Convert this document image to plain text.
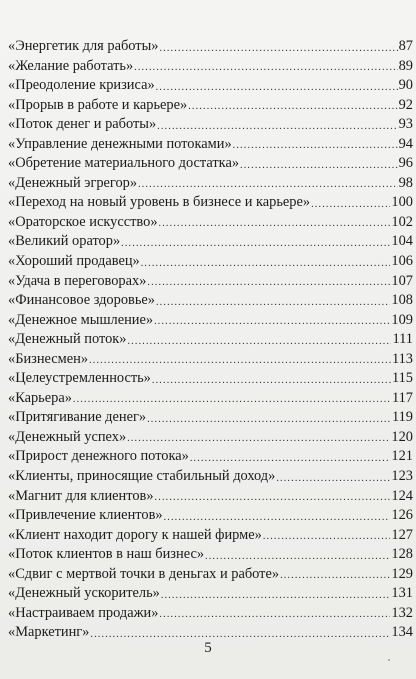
«Энергетик для работы» .....	87
«Желание работать» .....	89
«Преодоление кризиса» .....	90
«Прорыв в работе и карьере» .....	92
«Поток денег и работы» .....	93
«Управление денежными потоками» .....	94
«Обретение материального достатка» .....	96
«Денежный эгрегор» .....	98
«Переход на новый уровень в бизнесе и карьере» .....	100
«Ораторское искусство» .....	102
«Великий оратор» .....	104
«Хороший продавец» .....	106
«Удача в переговорах» .....	107
«Финансовое здоровье» .....	108
«Денежное мышление» .....	109
«Денежный поток» .....	111
«Бизнесмен» .....	113
«Целеустремленность» .....	115
«Карьера» .....	117
«Притягивание денег» .....	119
«Денежный успех» .....	120
«Прирост денежного потока» .....	121
«Клиенты, приносящие стабильный доход» .....	123
«Магнит для клиентов» .....	124
«Привлечение клиентов» .....	126
«Клиент находит дорогу к нашей фирме» .....	127
«Поток клиентов в наш бизнес» .....	128
«Сдвиг с мертвой точки в деньгах и работе» .....	129
«Денежный ускоритель» .....	131
«Настраиваем продажи» .....	132
«Маркетинг» .....	134
5
